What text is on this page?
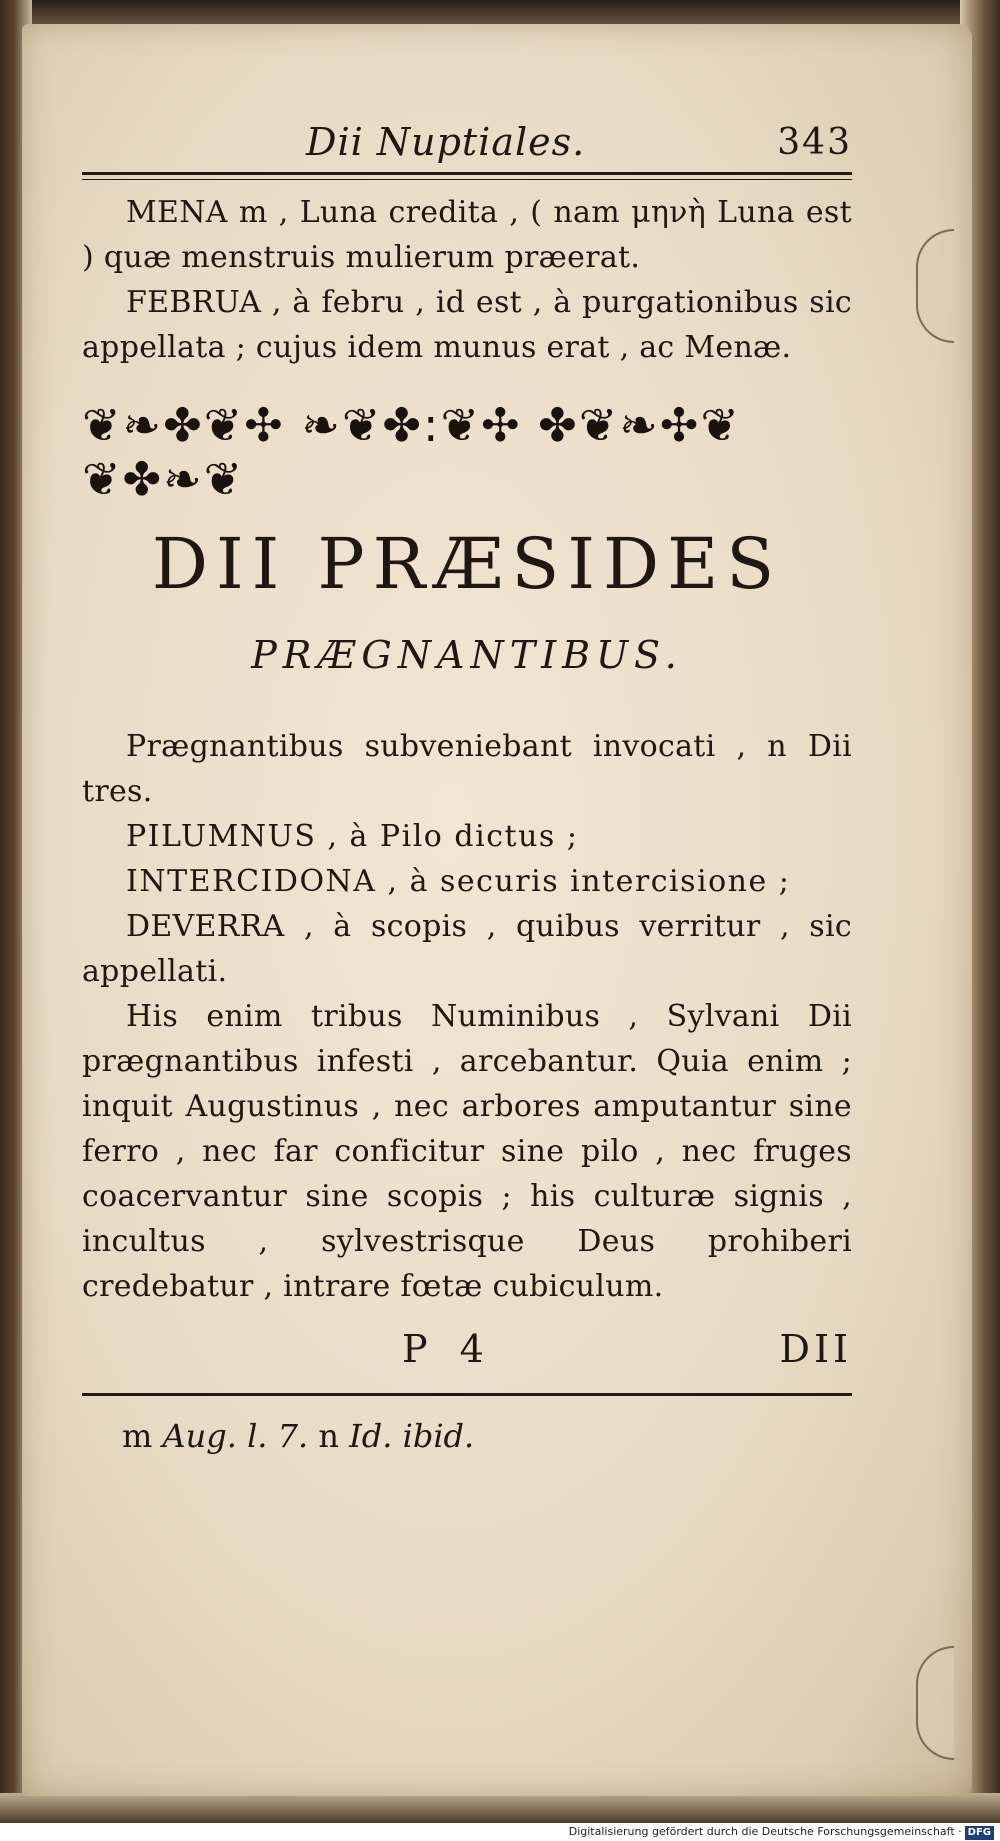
Dii Nuptiales.	343

MENA m , Luna credita , ( nam μηνὴ Luna est ) quæ menstruis mulierum præerat.

FEBRUA , à febru , id est , à purgationibus sic appellata ; cujus idem munus erat , ac Menæ.

❦❧✤❦✣ ❧❦✤:❦✣ ✤❦❧✣❦ ❦✤❧❦
DII PRÆSIDES
PRÆGNANTIBUS.

Prægnantibus subveniebant invocati , n Dii tres.

PILUMNUS , à Pilo dictus ;

INTERCIDONA , à securis intercisione ;

DEVERRA , à scopis , quibus verritur , sic appellati.

His enim tribus Numinibus , Sylvani Dii prægnantibus infesti , arcebantur. Quia enim ; inquit Augustinus , nec arbores amputantur sine ferro , nec far conficitur sine pilo , nec fruges coacervantur sine scopis ; his culturæ signis , incultus , sylvestrisque Deus prohiberi credebatur , intrare fœtæ cubiculum.

P 4	DII
m Aug. l. 7. n Id. ibid.
Digitalisierung gefördert durch die Deutsche Forschungsgemeinschaft · DFG
